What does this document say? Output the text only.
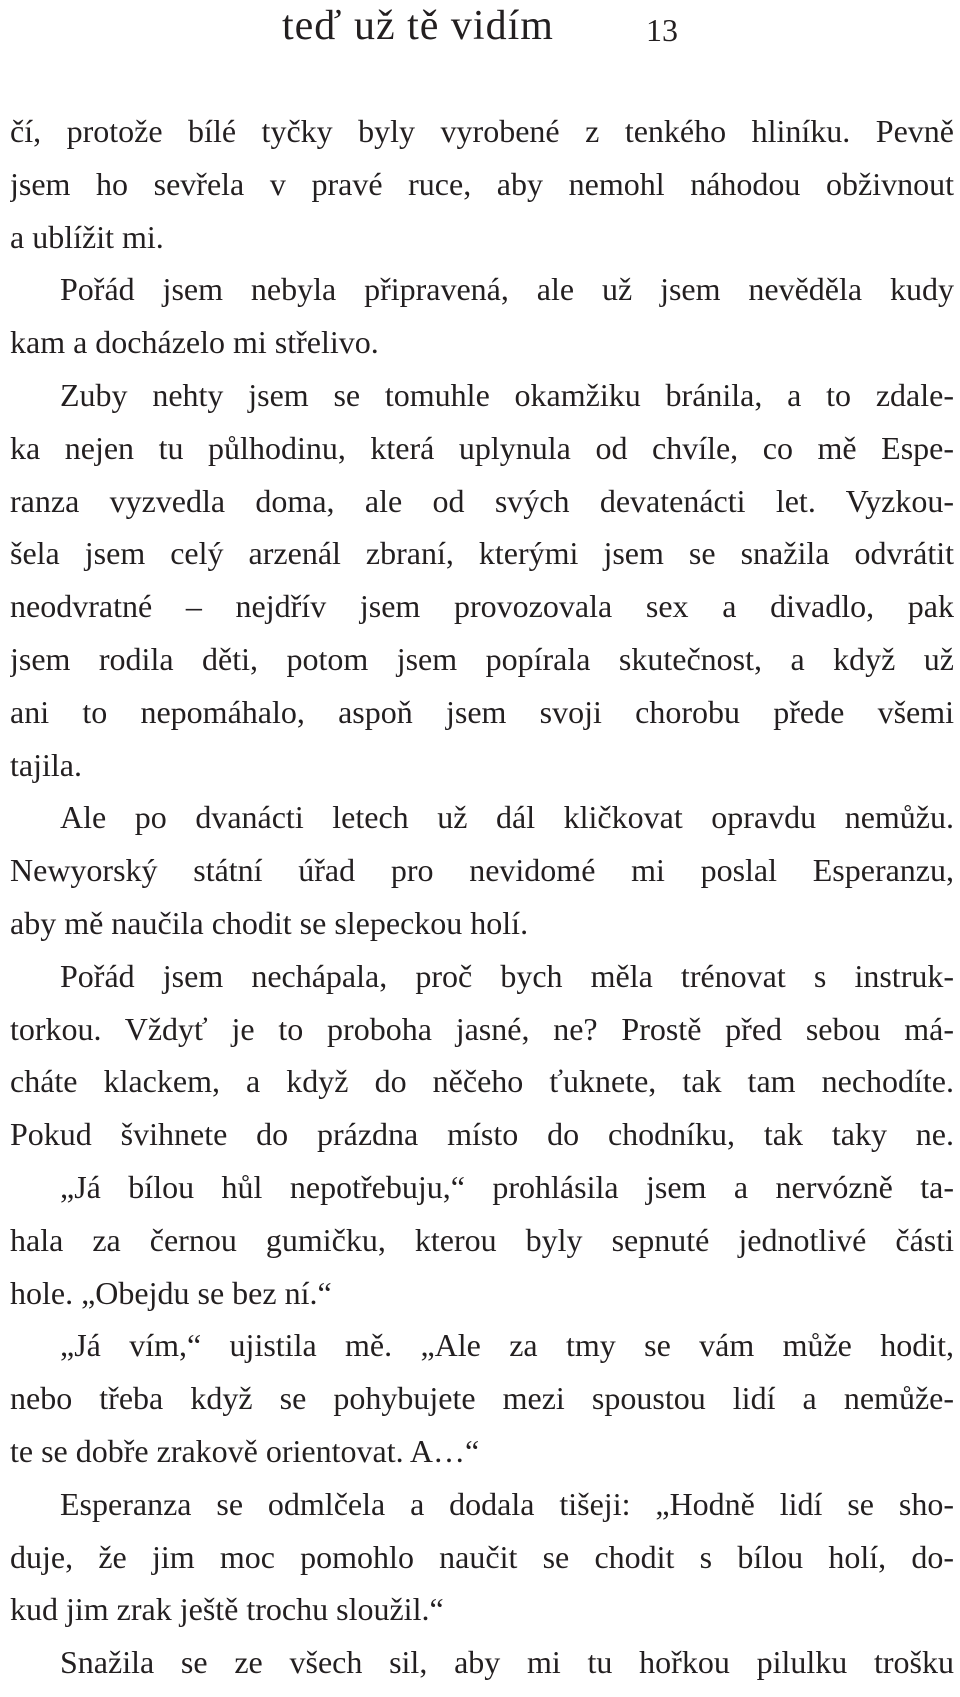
teď už tě vidím	13
čí, protože bílé tyčky byly vyrobené z tenkého hliníku. Pevně
jsem ho sevřela v pravé ruce, aby nemohl náhodou obživnout
a ublížit mi.
Pořád jsem nebyla připravená, ale už jsem nevěděla kudy
kam a docházelo mi střelivo.
Zuby nehty jsem se tomuhle okamžiku bránila, a to zdale-
ka nejen tu půlhodinu, která uplynula od chvíle, co mě Espe-
ranza vyzvedla doma, ale od svých devatenácti let. Vyzkou-
šela jsem celý arzenál zbraní, kterými jsem se snažila odvrátit
neodvratné – nejdřív jsem provozovala sex a divadlo, pak
jsem rodila děti, potom jsem popírala skutečnost, a když už
ani to nepomáhalo, aspoň jsem svoji chorobu přede všemi
tajila.
Ale po dvanácti letech už dál kličkovat opravdu nemůžu.
Newyorský státní úřad pro nevidomé mi poslal Esperanzu,
aby mě naučila chodit se slepeckou holí.
Pořád jsem nechápala, proč bych měla trénovat s instruk-
torkou. Vždyť je to proboha jasné, ne? Prostě před sebou má-
cháte klackem, a když do něčeho ťuknete, tak tam nechodíte.
Pokud švihnete do prázdna místo do chodníku, tak taky ne.
„Já bílou hůl nepotřebuju,“ prohlásila jsem a nervózně ta-
hala za černou gumičku, kterou byly sepnuté jednotlivé části
hole. „Obejdu se bez ní.“
„Já vím,“ ujistila mě. „Ale za tmy se vám může hodit,
nebo třeba když se pohybujete mezi spoustou lidí a nemůže-
te se dobře zrakově orientovat. A…“
Esperanza se odmlčela a dodala tišeji: „Hodně lidí se sho-
duje, že jim moc pomohlo naučit se chodit s bílou holí, do-
kud jim zrak ještě trochu sloužil.“
Snažila se ze všech sil, aby mi tu hořkou pilulku trošku
